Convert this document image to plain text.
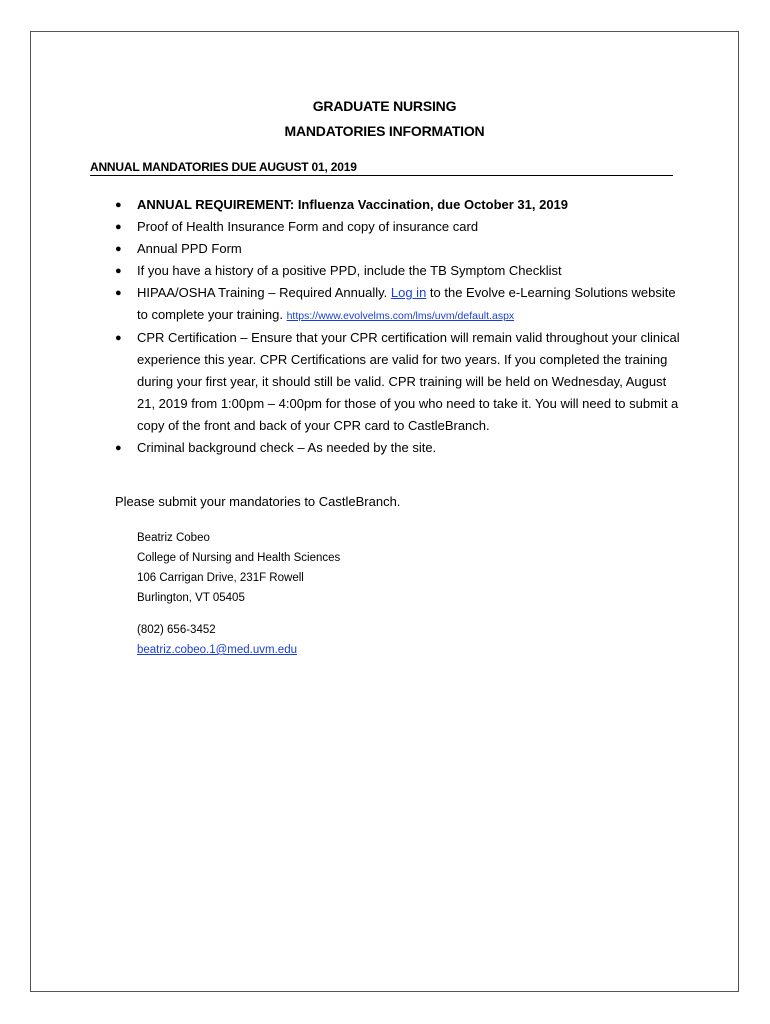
GRADUATE NURSING
MANDATORIES INFORMATION
ANNUAL MANDATORIES DUE AUGUST 01, 2019
● ANNUAL REQUIREMENT: Influenza Vaccination, due October 31, 2019
● Proof of Health Insurance Form and copy of insurance card
● Annual PPD Form
● If you have a history of a positive PPD, include the TB Symptom Checklist
● HIPAA/OSHA Training – Required Annually. Log in to the Evolve e-Learning Solutions website to complete your training. https://www.evolvelms.com/lms/uvm/default.aspx
● CPR Certification – Ensure that your CPR certification will remain valid throughout your clinical experience this year. CPR Certifications are valid for two years. If you completed the training during your first year, it should still be valid. CPR training will be held on Wednesday, August 21, 2019 from 1:00pm – 4:00pm for those of you who need to take it. You will need to submit a copy of the front and back of your CPR card to CastleBranch.
● Criminal background check – As needed by the site.
Please submit your mandatories to CastleBranch.
Beatriz Cobeo
College of Nursing and Health Sciences
106 Carrigan Drive, 231F Rowell
Burlington, VT 05405
(802) 656-3452
beatriz.cobeo.1@med.uvm.edu
